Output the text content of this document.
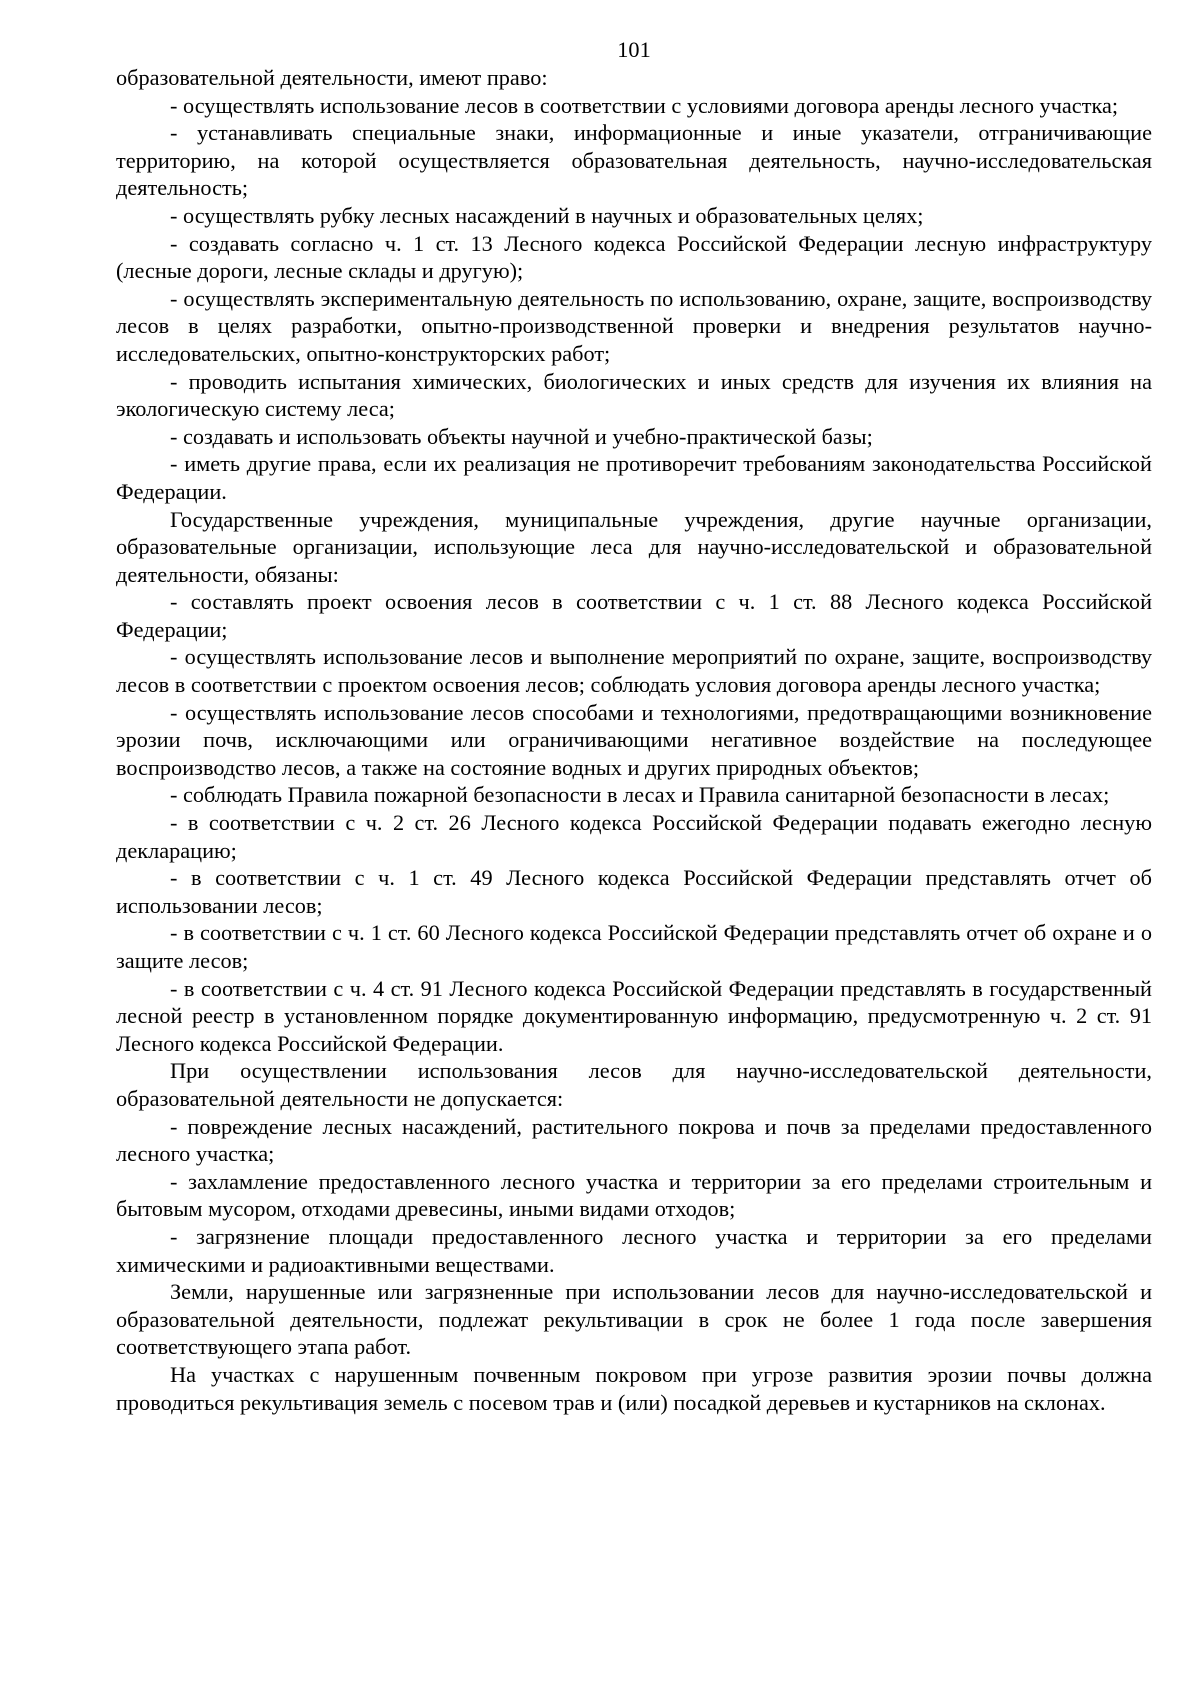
101

образовательной деятельности, имеют право:

- осуществлять использование лесов в соответствии с условиями договора аренды лесного участка;

- устанавливать специальные знаки, информационные и иные указатели, отграничивающие территорию, на которой осуществляется образовательная деятельность, научно-исследовательская деятельность;

- осуществлять рубку лесных насаждений в научных и образовательных целях;

- создавать согласно ч. 1 ст. 13 Лесного кодекса Российской Федерации лесную инфраструктуру (лесные дороги, лесные склады и другую);

- осуществлять экспериментальную деятельность по использованию, охране, защите, воспроизводству лесов в целях разработки, опытно-производственной проверки и внедрения результатов научно-исследовательских, опытно-конструкторских работ;

- проводить испытания химических, биологических и иных средств для изучения их влияния на экологическую систему леса;

- создавать и использовать объекты научной и учебно-практической базы;

- иметь другие права, если их реализация не противоречит требованиям законодательства Российской Федерации.

Государственные учреждения, муниципальные учреждения, другие научные организации, образовательные организации, использующие леса для научно-исследовательской и образовательной деятельности, обязаны:

- составлять проект освоения лесов в соответствии с ч. 1 ст. 88 Лесного кодекса Российской Федерации;

- осуществлять использование лесов и выполнение мероприятий по охране, защите, воспроизводству лесов в соответствии с проектом освоения лесов; соблюдать условия договора аренды лесного участка;

- осуществлять использование лесов способами и технологиями, предотвращающими возникновение эрозии почв, исключающими или ограничивающими негативное воздействие на последующее воспроизводство лесов, а также на состояние водных и других природных объектов;

- соблюдать Правила пожарной безопасности в лесах и Правила санитарной безопасности в лесах;

- в соответствии с ч. 2 ст. 26 Лесного кодекса Российской Федерации подавать ежегодно лесную декларацию;

- в соответствии с ч. 1 ст. 49 Лесного кодекса Российской Федерации представлять отчет об использовании лесов;

- в соответствии с ч. 1 ст. 60 Лесного кодекса Российской Федерации представлять отчет об охране и о защите лесов;

- в соответствии с ч. 4 ст. 91 Лесного кодекса Российской Федерации представлять в государственный лесной реестр в установленном порядке документированную информацию, предусмотренную ч. 2 ст. 91 Лесного кодекса Российской Федерации.

При осуществлении использования лесов для научно-исследовательской деятельности, образовательной деятельности не допускается:

- повреждение лесных насаждений, растительного покрова и почв за пределами предоставленного лесного участка;

- захламление предоставленного лесного участка и территории за его пределами строительным и бытовым мусором, отходами древесины, иными видами отходов;

- загрязнение площади предоставленного лесного участка и территории за его пределами химическими и радиоактивными веществами.

Земли, нарушенные или загрязненные при использовании лесов для научно-исследовательской и образовательной деятельности, подлежат рекультивации в срок не более 1 года после завершения соответствующего этапа работ.

На участках с нарушенным почвенным покровом при угрозе развития эрозии почвы должна проводиться рекультивация земель с посевом трав и (или) посадкой деревьев и кустарников на склонах.
